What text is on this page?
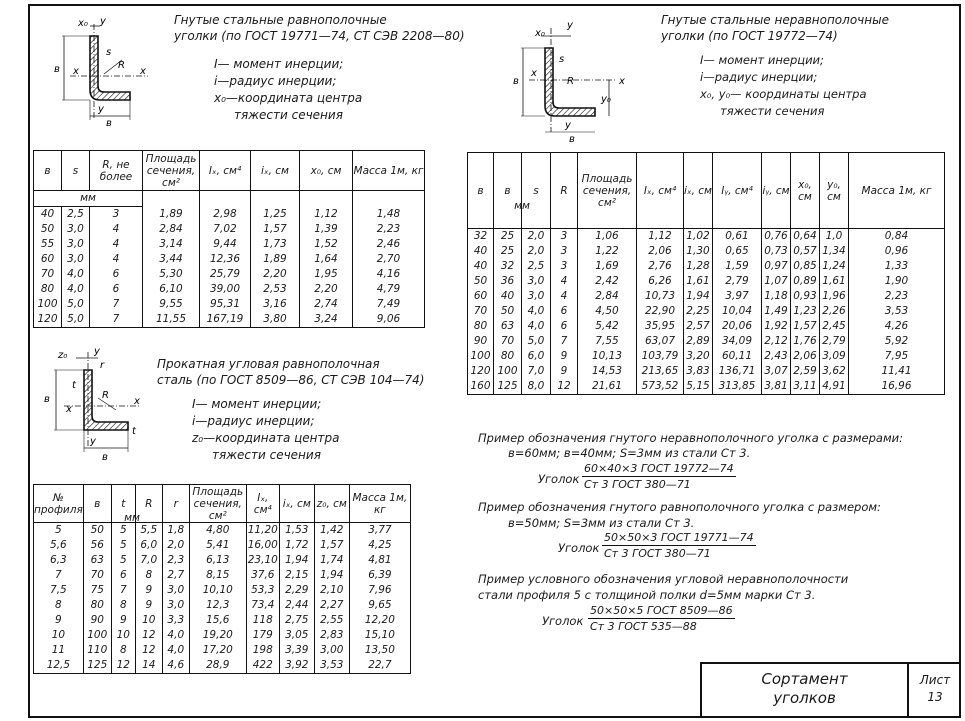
x₀ y
s
R
x	x
в
в
y
Гнутые стальные равнополочные
уголки (по ГОСТ 19771—74, СТ СЭВ 2208—80)
I— момент инерции;
i—радиус инерции;
x₀—координата центра
тяжести сечения
в	s	R, не более	Площадь сечения, см²	Iₓ, см⁴	iₓ, см	x₀, см	Масса 1м, кг
мм							
40	2,5	3	1,89	2,98	1,25	1,12	1,48
50	3,0	4	2,84	7,02	1,57	1,39	2,23
55	3,0	4	3,14	9,44	1,73	1,52	2,46
60	3,0	4	3,44	12,36	1,89	1,64	2,70
70	4,0	6	5,30	25,79	2,20	1,95	4,16
80	4,0	6	6,10	39,00	2,53	2,20	4,79
100	5,0	7	9,55	95,31	3,16	2,74	7,49
120	5,0	7	11,55	167,19	3,80	3,24	9,06
x₀
y
s
R
x
x
в
y₀
y
в
Гнутые стальные неравнополочные
уголки (по ГОСТ 19772—74)
I— момент инерции;
i—радиус инерции;
x₀, y₀— координаты центра
тяжести сечения
в	в	s	R	Площадь сечения, см²	Iₓ, см⁴	iₓ, см	Iᵧ, см⁴	iᵧ, см	x₀, см	y₀, см	Масса 1м, кг
32	25	2,0	3	1,06	1,12	1,02	0,61	0,76	0,64	1,0	0,84
40	25	2,0	3	1,22	2,06	1,30	0,65	0,73	0,57	1,34	0,96
40	32	2,5	3	1,69	2,76	1,28	1,59	0,97	0,85	1,24	1,33
50	36	3,0	4	2,42	6,26	1,61	2,79	1,07	0,89	1,61	1,90
60	40	3,0	4	2,84	10,73	1,94	3,97	1,18	0,93	1,96	2,23
70	50	4,0	6	4,50	22,90	2,25	10,04	1,49	1,23	2,26	3,53
80	63	4,0	6	5,42	35,95	2,57	20,06	1,92	1,57	2,45	4,26
90	70	5,0	7	7,55	63,07	2,89	34,09	2,12	1,76	2,79	5,92
100	80	6,0	9	10,13	103,79	3,20	60,11	2,43	2,06	3,09	7,95
120	100	7,0	9	14,53	213,65	3,83	136,71	3,07	2,59	3,62	11,41
160	125	8,0	12	21,61	573,52	5,15	313,85	3,81	3,11	4,91	16,96
мм
z₀	y
r
t
R
x
x
в
t
y
в
Прокатная угловая равнополочная
сталь (по ГОСТ 8509—86, СТ СЭВ 104—74)
I— момент инерции;
i—радиус инерции;
z₀—координата центра
тяжести сечения
№ профиля	в	t	R	r	Площадь сечения, см²	Iₓ, см⁴	iₓ, см	z₀, см	Масса 1м, кг
5	50	5	5,5	1,8	4,80	11,20	1,53	1,42	3,77
5,6	56	5	6,0	2,0	5,41	16,00	1,72	1,57	4,25
6,3	63	5	7,0	2,3	6,13	23,10	1,94	1,74	4,81
7	70	6	8	2,7	8,15	37,6	2,15	1,94	6,39
7,5	75	7	9	3,0	10,10	53,3	2,29	2,10	7,96
8	80	8	9	3,0	12,3	73,4	2,44	2,27	9,65
9	90	9	10	3,3	15,6	118	2,75	2,55	12,20
10	100	10	12	4,0	19,20	179	3,05	2,83	15,10
11	110	8	12	4,0	17,20	198	3,39	3,00	13,50
12,5	125	12	14	4,6	28,9	422	3,92	3,53	22,7
мм
Пример обозначения гнутого неравнополочного уголка с размерами:
в=60мм; в=40мм; S=3мм из стали Ст 3.
Уголок
60×40×3 ГОСТ 19772—74
Ст 3 ГОСТ 380—71
Пример обозначения гнутого равнополочного уголка с размером:
в=50мм; S=3мм из стали Ст 3.
Уголок
50×50×3 ГОСТ 19771—74
Ст 3 ГОСТ 380—71
Пример условного обозначения угловой неравнополочности
стали профиля 5 с толщиной полки d=5мм марки Ст 3.
Уголок
50×50×5 ГОСТ 8509—86
Ст 3 ГОСТ 535—88
Сортамент
уголков
Лист
13
